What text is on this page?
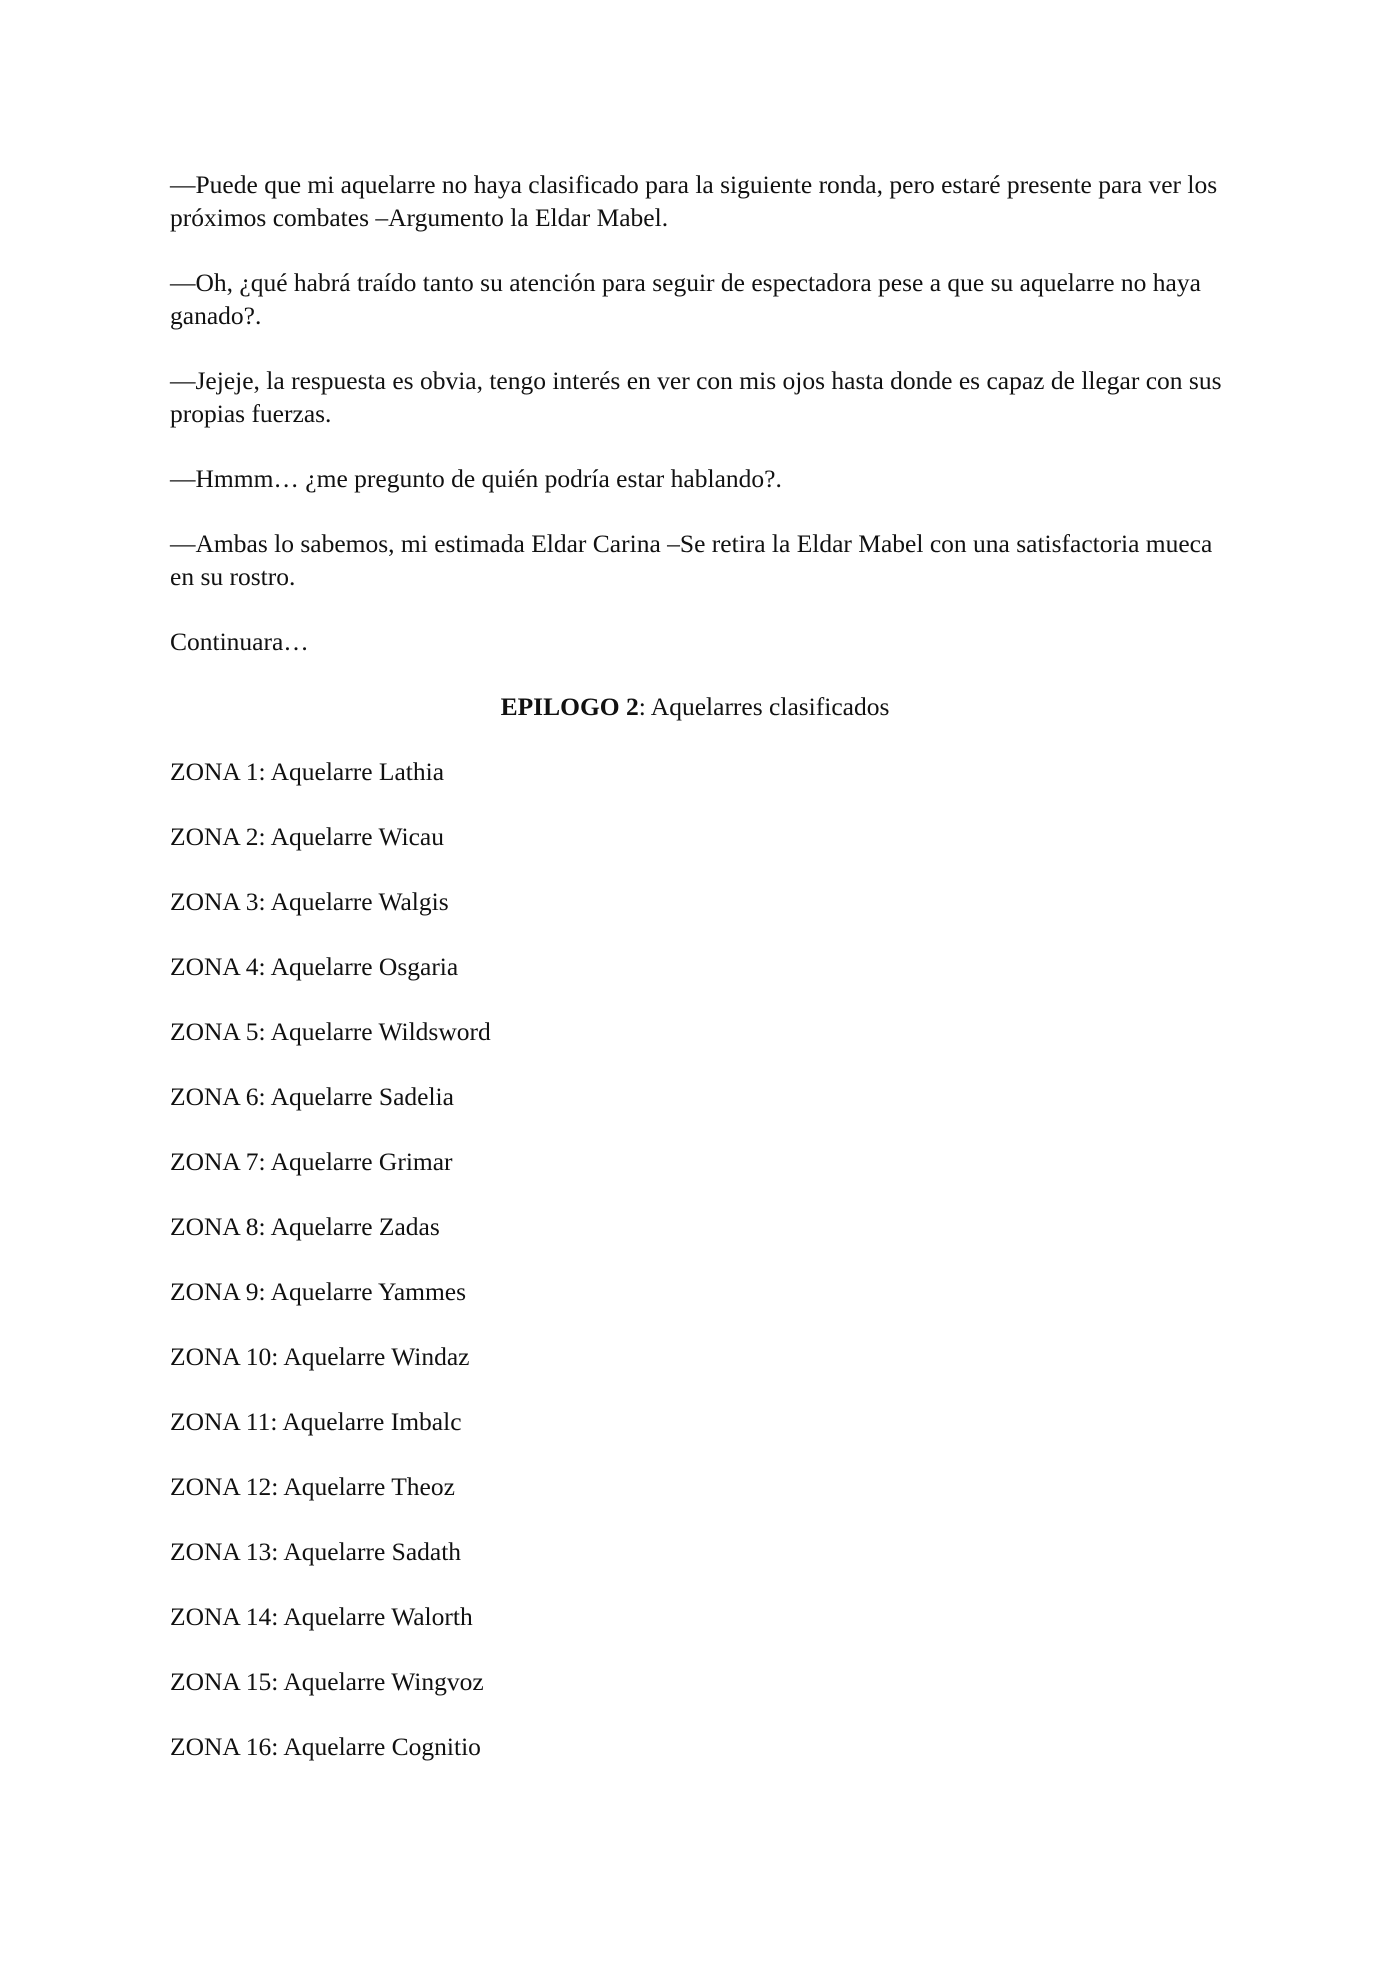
—Puede que mi aquelarre no haya clasificado para la siguiente ronda, pero estaré presente para ver los próximos combates –Argumento la Eldar Mabel.

—Oh, ¿qué habrá traído tanto su atención para seguir de espectadora pese a que su aquelarre no haya ganado?.

—Jejeje, la respuesta es obvia, tengo interés en ver con mis ojos hasta donde es capaz de llegar con sus propias fuerzas.

—Hmmm… ¿me pregunto de quién podría estar hablando?.

—Ambas lo sabemos, mi estimada Eldar Carina –Se retira la Eldar Mabel con una satisfactoria mueca en su rostro.

Continuara…

EPILOGO 2: Aquelarres clasificados

ZONA 1: Aquelarre Lathia
ZONA 2: Aquelarre Wicau
ZONA 3: Aquelarre Walgis
ZONA 4: Aquelarre Osgaria
ZONA 5: Aquelarre Wildsword
ZONA 6: Aquelarre Sadelia
ZONA 7: Aquelarre Grimar
ZONA 8: Aquelarre Zadas
ZONA 9: Aquelarre Yammes
ZONA 10: Aquelarre Windaz
ZONA 11: Aquelarre Imbalc
ZONA 12: Aquelarre Theoz
ZONA 13: Aquelarre Sadath
ZONA 14: Aquelarre Walorth
ZONA 15: Aquelarre Wingvoz
ZONA 16: Aquelarre Cognitio
